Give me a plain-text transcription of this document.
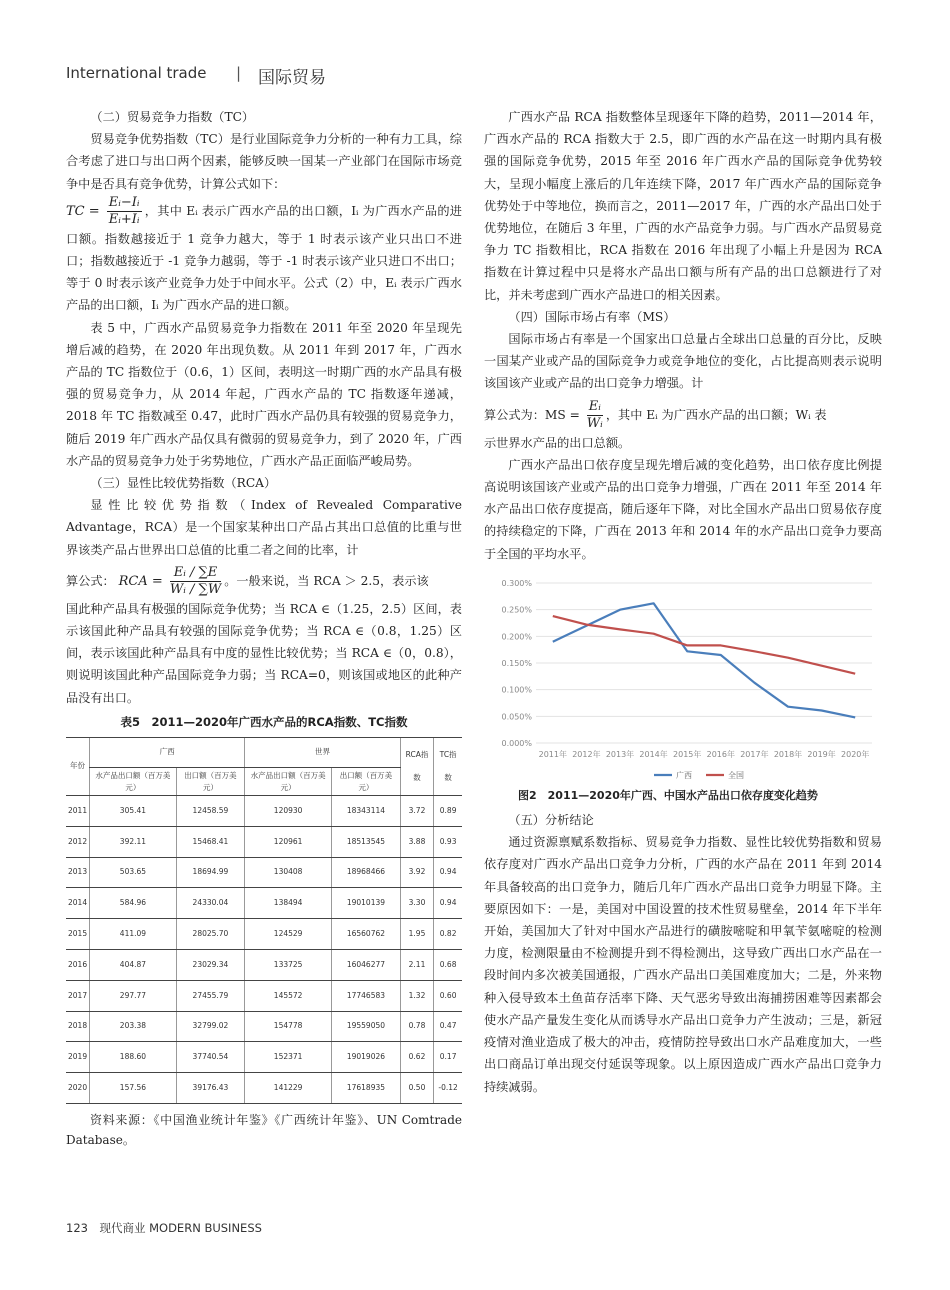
International trade | 国际贸易
（二）贸易竞争力指数（TC）

贸易竞争优势指数（TC）是行业国际竞争力分析的一种有力工具，综合考虑了进口与出口两个因素，能够反映一国某一产业部门在国际市场竞争中是否具有竞争优势，计算公式如下：

TC = $\frac{\text{Eᵢ−Iᵢ}}{\text{Eᵢ+Iᵢ}}$ ，其中 Eᵢ 表示广西水产品的出口额，Iᵢ 为广西水产品的进口额。指数越接近于 1 竞争力越大，等于 1 时表示该产业只出口不进口；指数越接近于 -1 竞争力越弱，等于 -1 时表示该产业只进口不出口；等于 0 时表示该产业竞争力处于中间水平。公式（2）中，Eᵢ 表示广西水产品的出口额，Iᵢ 为广西水产品的进口额。

表 5 中，广西水产品贸易竞争力指数在 2011 年至 2020 年呈现先增后减的趋势，在 2020 年出现负数。从 2011 年到 2017 年，广西水产品的 TC 指数位于（0.6，1）区间，表明这一时期广西的水产品具有极强的贸易竞争力，从 2014 年起，广西水产品的 TC 指数逐年递减，2018 年 TC 指数减至 0.47，此时广西水产品仍具有较强的贸易竞争力，随后 2019 年广西水产品仅具有微弱的贸易竞争力，到了 2020 年，广西水产品的贸易竞争力处于劣势地位，广西水产品正面临严峻局势。

（三）显性比较优势指数（RCA）

显性比较优势指数（Index of Revealed Comparative Advantage，RCA）是一个国家某种出口产品占其出口总值的比重与世界该类产品占世界出口总值的比重二者之间的比率，计

算公式： RCA = $\frac{\text{Eᵢ / ∑E}}{\text{Wᵢ / ∑W}}$ 。一般来说，当 RCA ＞ 2.5，表示该

国此种产品具有极强的国际竞争优势；当 RCA ∈（1.25，2.5）区间，表示该国此种产品具有较强的国际竞争优势；当 RCA ∈（0.8，1.25）区间，表示该国此种产品具有中度的显性比较优势；当 RCA ∈（0，0.8），则说明该国此种产品国际竞争力弱；当 RCA=0，则该国或地区的此种产品没有出口。

表5　2011—2020年广西水产品的RCA指数、TC指数
年份	广西		世界		RCA指数	TC指数
	水产品出口额（百万美元）	出口额（百万美元）	水产品出口额（百万美元）	出口额（百万美元）		
2011	305.41	12458.59	120930	18343114	3.72	0.89
2012	392.11	15468.41	120961	18513545	3.88	0.93
2013	503.65	18694.99	130408	18968466	3.92	0.94
2014	584.96	24330.04	138494	19010139	3.30	0.94
2015	411.09	28025.70	124529	16560762	1.95	0.82
2016	404.87	23029.34	133725	16046277	2.11	0.68
2017	297.77	27455.79	145572	17746583	1.32	0.60
2018	203.38	32799.02	154778	19559050	0.78	0.47
2019	188.60	37740.54	152371	19019026	0.62	0.17
2020	157.56	39176.43	141229	17618935	0.50	-0.12

资料来源：《中国渔业统计年鉴》《广西统计年鉴》、UN Comtrade Database。

广西水产品 RCA 指数整体呈现逐年下降的趋势，2011—2014 年，广西水产品的 RCA 指数大于 2.5，即广西的水产品在这一时期内具有极强的国际竞争优势，2015 年至 2016 年广西水产品的国际竞争优势较大，呈现小幅度上涨后的几年连续下降，2017 年广西水产品的国际竞争优势处于中等地位，换而言之，2011—2017 年，广西的水产品出口处于优势地位，在随后 3 年里，广西的水产品竞争力弱。与广西水产品贸易竞争力 TC 指数相比，RCA 指数在 2016 年出现了小幅上升是因为 RCA 指数在计算过程中只是将水产品出口额与所有产品的出口总额进行了对比，并未考虑到广西水产品进口的相关因素。

（四）国际市场占有率（MS）

国际市场占有率是一个国家出口总量占全球出口总量的百分比，反映一国某产业或产品的国际竞争力或竞争地位的变化，占比提高则表示说明该国该产业或产品的出口竞争力增强。计

算公式为：MS = $\frac{\text{Eᵢ}}{\text{Wᵢ}}$ ，其中 Eᵢ 为广西水产品的出口额；Wᵢ 表

示世界水产品的出口总额。

广西水产品出口依存度呈现先增后减的变化趋势，出口依存度比例提高说明该国该产业或产品的出口竞争力增强，广西在 2011 年至 2014 年水产品出口依存度提高，随后逐年下降，对比全国水产品出口贸易依存度的持续稳定的下降，广西在 2013 年和 2014 年的水产品出口竞争力要高于全国的平均水平。

0.300%
0.250%
0.200%
0.150%
0.100%
0.050%
0.000%
2011年 2012年 2013年 2014年 2015年 2016年 2017年 2018年 2019年 2020年
广西	全国
图2　2011—2020年广西、中国水产品出口依存度变化趋势
（五）分析结论

通过资源禀赋系数指标、贸易竞争力指数、显性比较优势指数和贸易依存度对广西水产品出口竞争力分析，广西的水产品在 2011 年到 2014 年具备较高的出口竞争力，随后几年广西水产品出口竞争力明显下降。主要原因如下：一是，美国对中国设置的技术性贸易壁垒，2014 年下半年开始，美国加大了针对中国水产品进行的磺胺嘧啶和甲氧苄氨嘧啶的检测力度，检测限量由不检测提升到不得检测出，这导致广西出口水产品在一段时间内多次被美国通报，广西水产品出口美国难度加大；二是，外来物种入侵导致本土鱼苗存活率下降、天气恶劣导致出海捕捞困难等因素都会使水产品产量发生变化从而诱导水产品出口竞争力产生波动；三是，新冠疫情对渔业造成了极大的冲击，疫情防控导致出口水产品难度加大，一些出口商品订单出现交付延误等现象。以上原因造成广西水产品出口竞争力持续减弱。

123　现代商业 MODERN BUSINESS
